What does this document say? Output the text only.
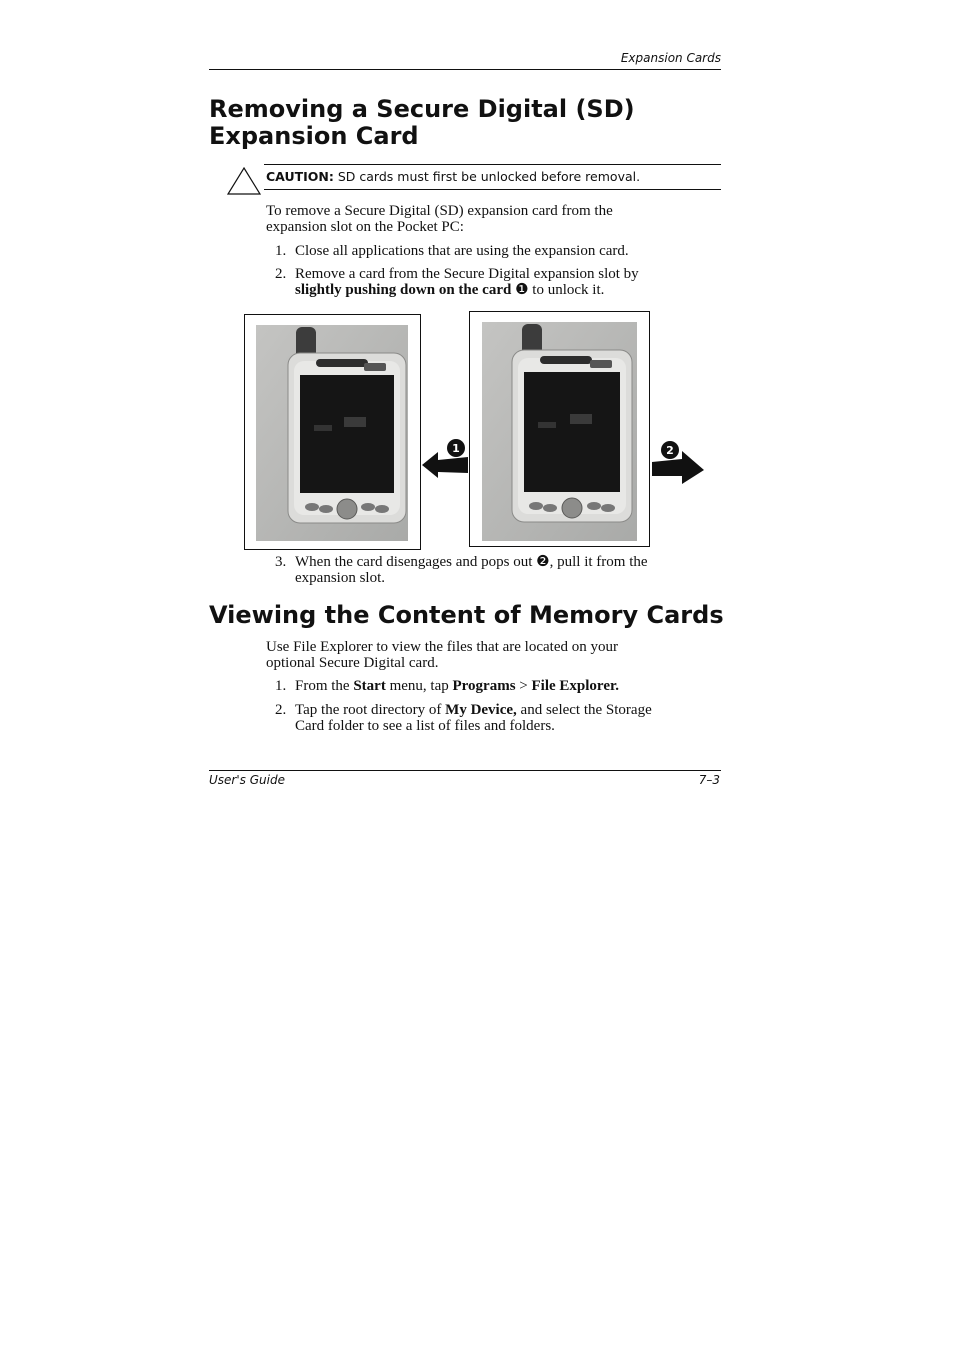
Expansion Cards
Removing a Secure Digital (SD)
Expansion Card
CAUTION: SD cards must first be unlocked before removal.
To remove a Secure Digital (SD) expansion card from the
expansion slot on the Pocket PC:
1. Close all applications that are using the expansion card.
2. Remove a card from the Secure Digital expansion slot by
slightly pushing down on the card ❶ to unlock it.
1	2
3. When the card disengages and pops out ❷, pull it from the
expansion slot.
Viewing the Content of Memory Cards
Use File Explorer to view the files that are located on your
optional Secure Digital card.
1. From the Start menu, tap Programs > File Explorer.
2. Tap the root directory of My Device, and select the Storage
Card folder to see a list of files and folders.
User's Guide	7–3
